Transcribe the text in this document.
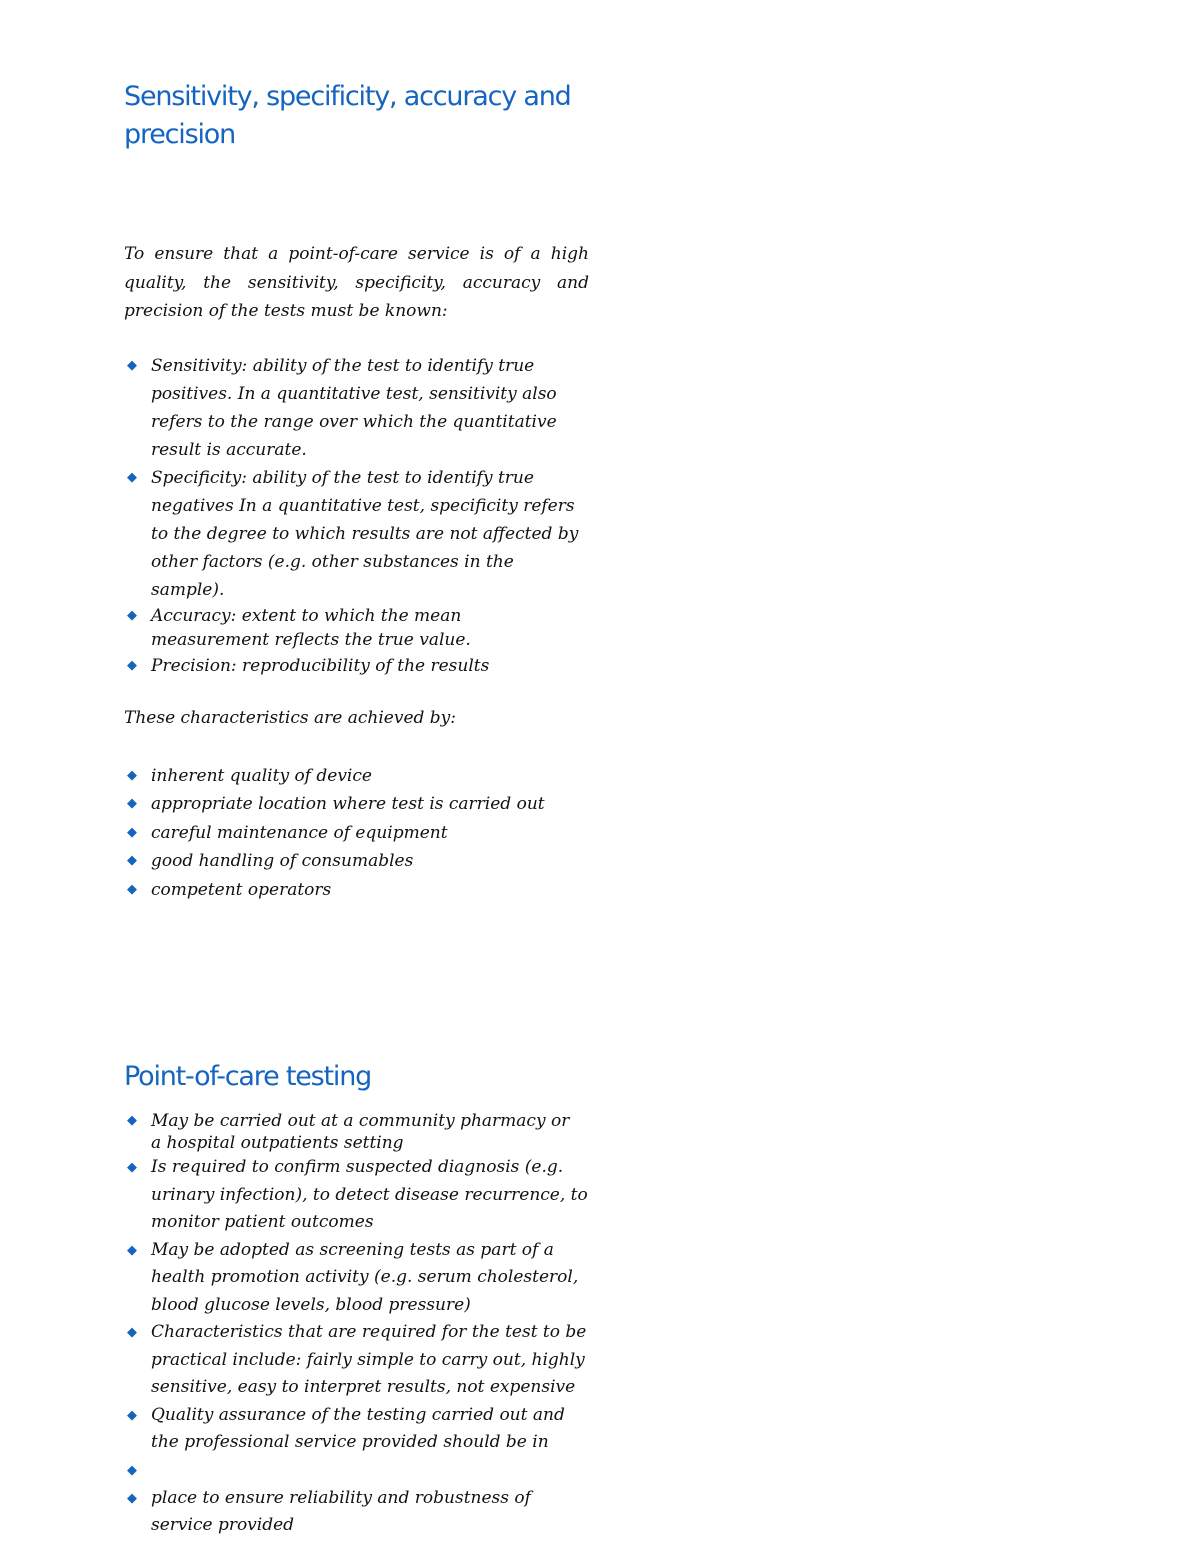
Sensitivity, specificity, accuracy and
precision

To ensure that a point-of-care service is of a high quality, the sensitivity, specificity, accuracy and precision of the tests must be known:

◆ Sensitivity: ability of the test to identify true
positives. In a quantitative test, sensitivity also
refers to the range over which the quantitative
result is accurate.
◆ Specificity: ability of the test to identify true
negatives In a quantitative test, specificity refers
to the degree to which results are not affected by
other factors (e.g. other substances in the sample).
◆ Accuracy: extent to which the mean
measurement reflects the true value.
◆ Precision: reproducibility of the results

These characteristics are achieved by:

◆ inherent quality of device
◆ appropriate location where test is carried out
◆ careful maintenance of equipment
◆ good handling of consumables
◆ competent operators
Point-of-care testing
◆ May be carried out at a community pharmacy or
a hospital outpatients setting
◆ Is required to confirm suspected diagnosis (e.g.
urinary infection), to detect disease recurrence, to
monitor patient outcomes
◆ May be adopted as screening tests as part of a
health promotion activity (e.g. serum cholesterol,
blood glucose levels, blood pressure)
◆ Characteristics that are required for the test to be
practical include: fairly simple to carry out, highly
sensitive, easy to interpret results, not expensive
◆ Quality assurance of the testing carried out and
the professional service provided should be in
◆
◆ place to ensure reliability and robustness of
service provided
